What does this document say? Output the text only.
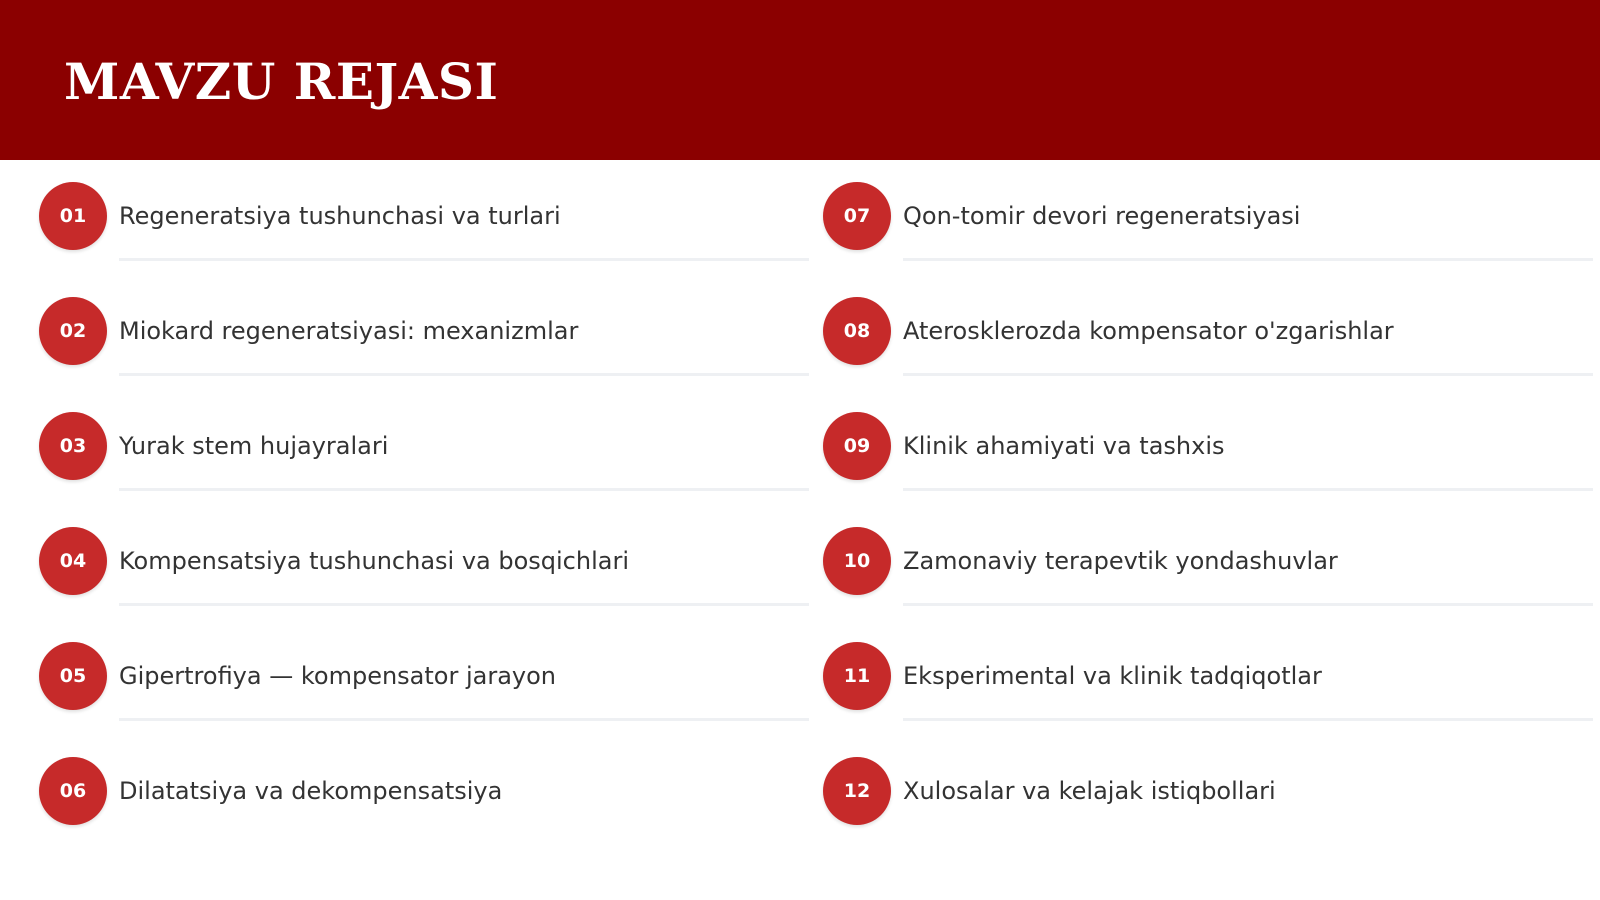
MAVZU REJASI
01	Regeneratsiya tushunchasi va turlari
02	Miokard regeneratsiyasi: mexanizmlar
03	Yurak stem hujayralari
04	Kompensatsiya tushunchasi va bosqichlari
05	Gipertrofiya — kompensator jarayon
06	Dilatatsiya va dekompensatsiya
07	Qon-tomir devori regeneratsiyasi
08	Aterosklerozda kompensator o'zgarishlar
09	Klinik ahamiyati va tashxis
10	Zamonaviy terapevtik yondashuvlar
11	Eksperimental va klinik tadqiqotlar
12	Xulosalar va kelajak istiqbollari
